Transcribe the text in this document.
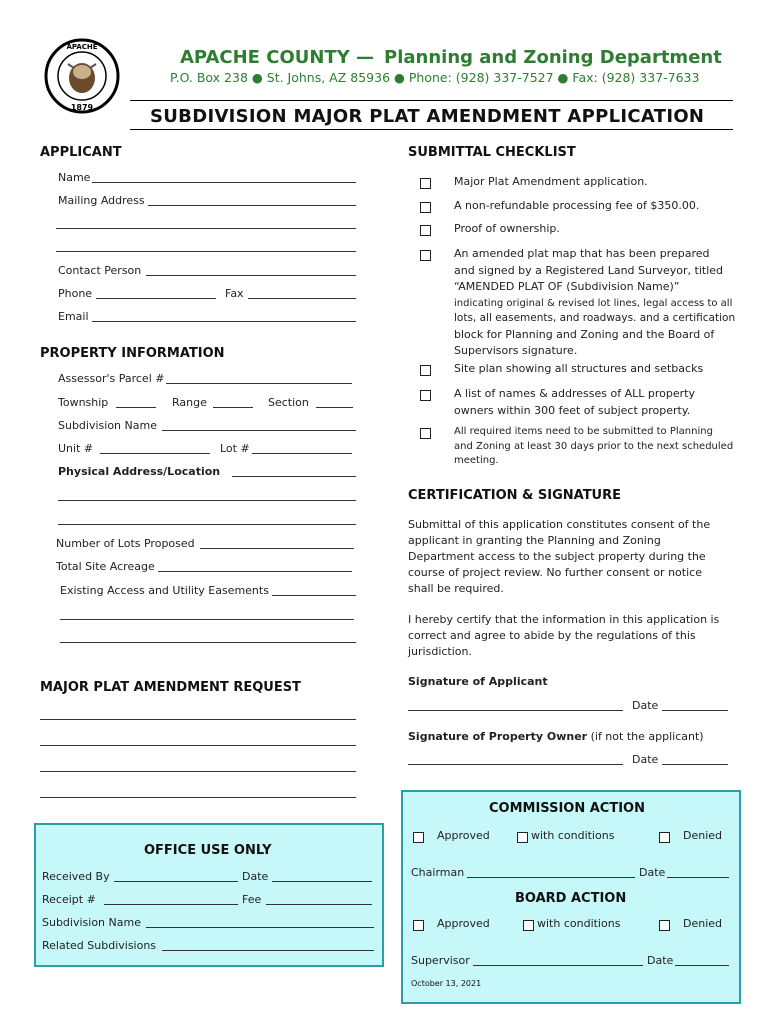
APACHE
1879
APACHE COUNTY — Planning and Zoning Department
P.O. Box 238 ● St. Johns, AZ 85936 ● Phone: (928) 337-7527 ● Fax: (928) 337-7633
SUBDIVISION MAJOR PLAT AMENDMENT APPLICATION
APPLICANT
Name
Mailing Address
Contact Person
Phone	Fax
Email
PROPERTY INFORMATION
Assessor's Parcel #
Township	Range	Section
Subdivision Name
Unit #	Lot #
Physical Address/Location
Number of Lots Proposed
Total Site Acreage
Existing Access and Utility Easements
MAJOR PLAT AMENDMENT REQUEST
OFFICE USE ONLY
Received By	Date
Receipt #	Fee
Subdivision Name
Related Subdivisions
SUBMITTAL CHECKLIST
Major Plat Amendment application.
A non-refundable processing fee of $350.00.
Proof of ownership.
An amended plat map that has been prepared
and signed by a Registered Land Surveyor, titled
“AMENDED PLAT OF (Subdivision Name)”
indicating original & revised lot lines, legal access to all
lots, all easements, and roadways. and a certification
block for Planning and Zoning and the Board of
Supervisors signature.
Site plan showing all structures and setbacks
A list of names & addresses of ALL property
owners within 300 feet of subject property.
All required items need to be submitted to Planning
and Zoning at least 30 days prior to the next scheduled
meeting.
CERTIFICATION & SIGNATURE
Submittal of this application constitutes consent of the
applicant in granting the Planning and Zoning
Department access to the subject property during the
course of project review. No further consent or notice
shall be required.
I hereby certify that the information in this application is
correct and agree to abide by the regulations of this
jurisdiction.
Signature of Applicant
Date
Signature of Property Owner (if not the applicant)
Date
COMMISSION ACTION
Approved	with conditions	Denied
Chairman	Date
BOARD ACTION
Approved	with conditions	Denied
Supervisor	Date
October 13, 2021
